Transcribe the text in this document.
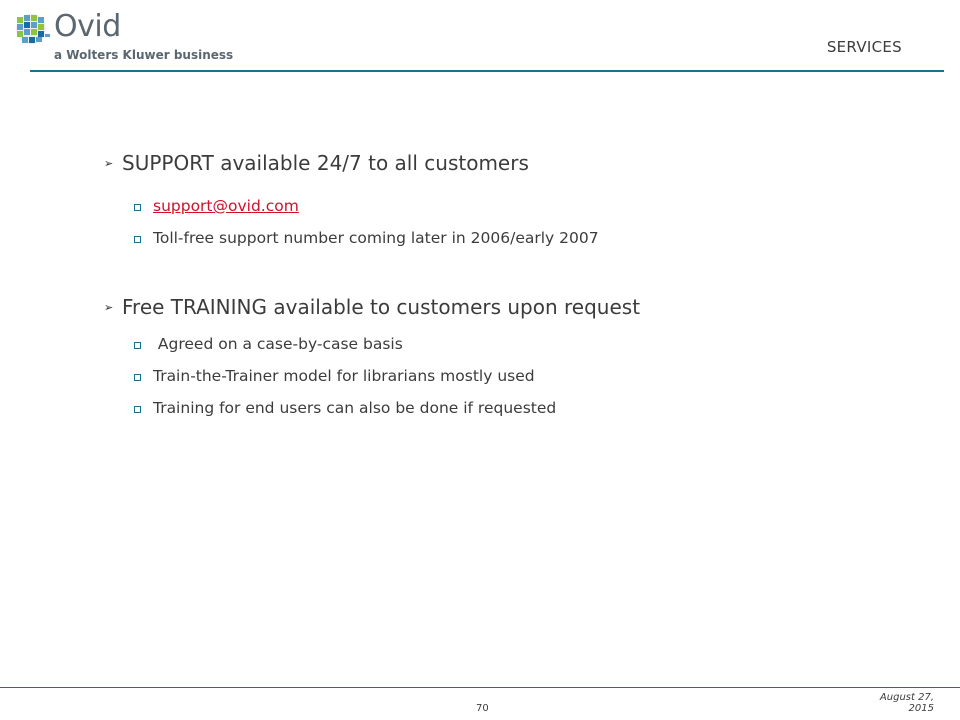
Ovid
a Wolters Kluwer business	SERVICES
➢ SUPPORT available 24/7 to all customers
support@ovid.com
Toll-free support number coming later in 2006/early 2007
➢ Free TRAINING available to customers upon request
Agreed on a case-by-case basis
Train-the-Trainer model for librarians mostly used
Training for end users can also be done if requested
70
August 27,
2015
